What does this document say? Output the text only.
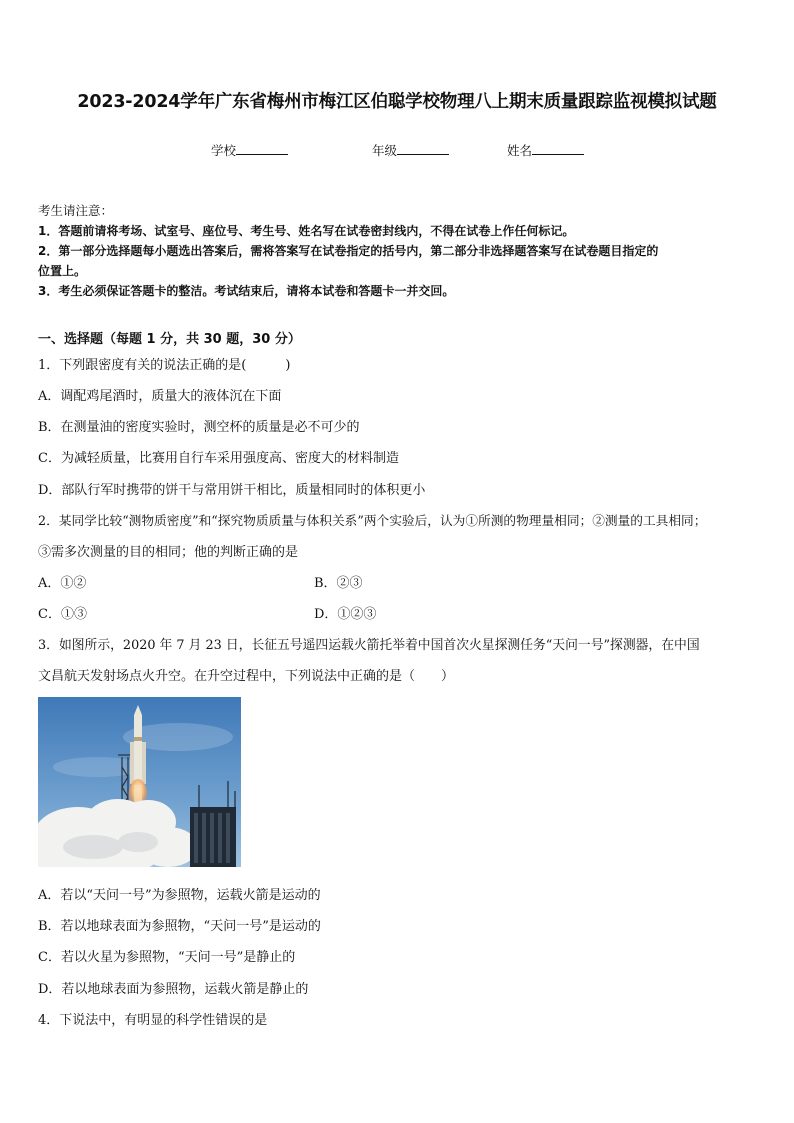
2023-2024学年广东省梅州市梅江区伯聪学校物理八上期末质量跟踪监视模拟试题
学校	年级	姓名
考生请注意：
1．答题前请将考场、试室号、座位号、考生号、姓名写在试卷密封线内，不得在试卷上作任何标记。
2．第一部分选择题每小题选出答案后，需将答案写在试卷指定的括号内，第二部分非选择题答案写在试卷题目指定的
位置上。
3．考生必须保证答题卡的整洁。考试结束后，请将本试卷和答题卡一并交回。
一、选择题（每题 1 分，共 30 题，30 分）
1．下列跟密度有关的说法正确的是(　　　)
A．调配鸡尾酒时，质量大的液体沉在下面
B．在测量油的密度实验时，测空杯的质量是必不可少的
C．为减轻质量，比赛用自行车采用强度高、密度大的材料制造
D．部队行军时携带的饼干与常用饼干相比，质量相同时的体积更小
2．某同学比较“测物质密度”和“探究物质质量与体积关系”两个实验后，认为①所测的物理量相同；②测量的工具相同；
③需多次测量的目的相同；他的判断正确的是
A．①②	B．②③
C．①③	D．①②③
3．如图所示，2020 年 7 月 23 日，长征五号遥四运载火箭托举着中国首次火星探测任务“天问一号”探测器，在中国
文昌航天发射场点火升空。在升空过程中，下列说法中正确的是（　　）
A．若以“天问一号”为参照物，运载火箭是运动的
B．若以地球表面为参照物，“天问一号”是运动的
C．若以火星为参照物，“天问一号”是静止的
D．若以地球表面为参照物，运载火箭是静止的
4．下说法中，有明显的科学性错误的是
